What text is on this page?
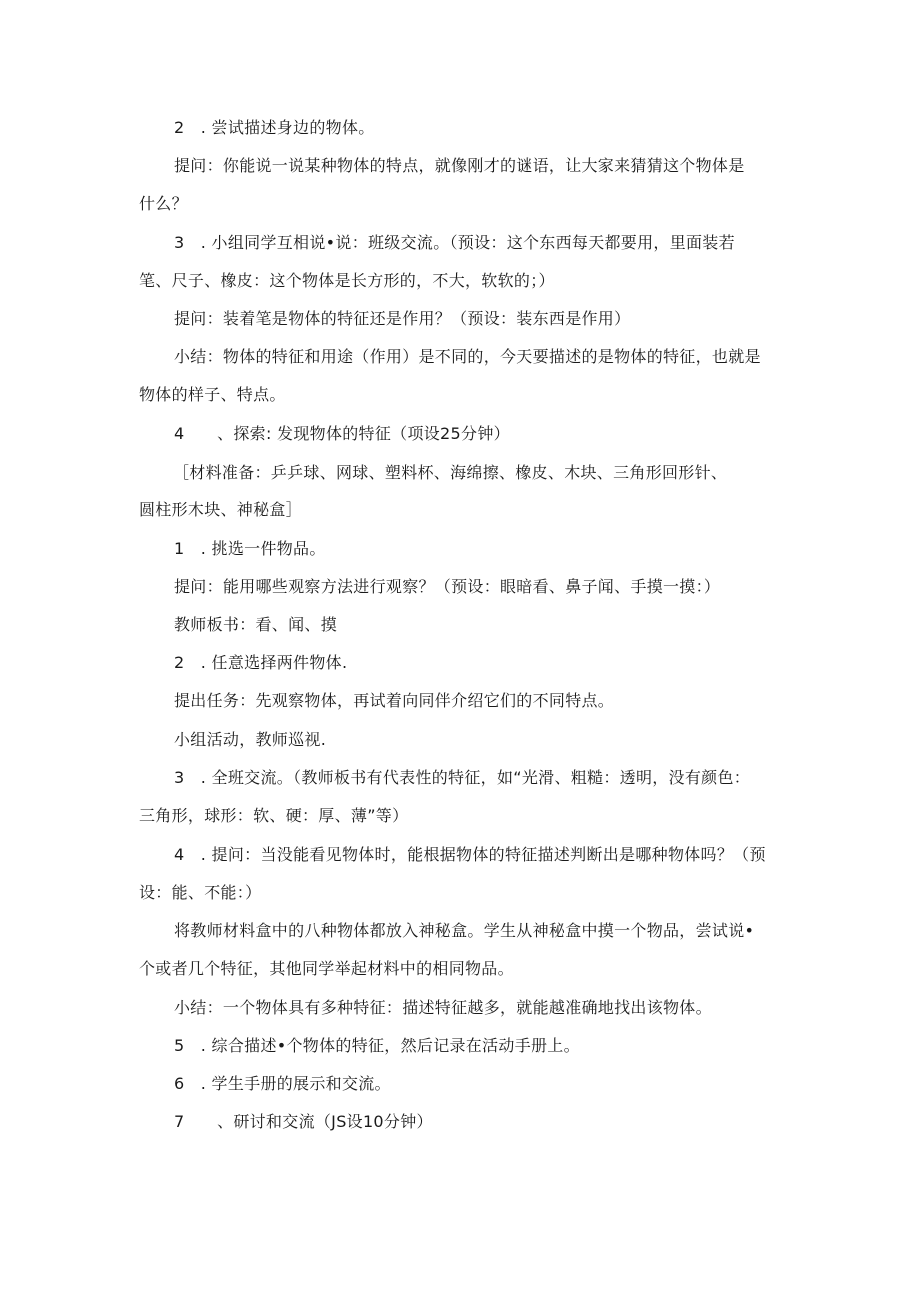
2　. 尝试描述身边的物体。
提问：你能说一说某种物体的特点，就像刚才的谜语，让大家来猜猜这个物体是
什么？
3　. 小组同学互相说•说：班级交流。（预设：这个东西每天都要用，里面装若
笔、尺子、橡皮：这个物体是长方形的，不大，软软的；）
提问：装着笔是物体的特征还是作用？（预设：装东西是作用）
小结：物体的特征和用途（作用）是不同的，今天要描述的是物体的特征，也就是
物体的样子、特点。
4　　、探索: 发现物体的特征（项设25分钟）
［材料准备：乒乒球、网球、塑料杯、海绵擦、橡皮、木块、三角形回形针、
圆柱形木块、神秘盒］
1　. 挑选一件物品。
提问：能用哪些观察方法进行观察？（预设：眼暗看、鼻子闻、手摸一摸：）
教师板书：看、闻、摸
2　. 任意选择两件物体.
提出任务：先观察物体，再试着向同伴介绍它们的不同特点。
小组活动，教师巡视.
3　. 全班交流。（教师板书有代表性的特征，如“光滑、粗糙：透明，没有颜色：
三角形，球形：软、硬：厚、薄”等）
4　. 提问：当没能看见物体时，能根据物体的特征描述判断出是哪种物体吗？（预
设：能、不能：）
将教师材料盒中的八种物体都放入神秘盒。学生从神秘盒中摸一个物品，尝试说•
个或者几个特征，其他同学举起材料中的相同物品。
小结：一个物体具有多种特征：描述特征越多，就能越准确地找出该物体。
5　. 综合描述•个物体的特征，然后记录在活动手册上。
6　. 学生手册的展示和交流。
7　　、研讨和交流（JS设10分钟）
